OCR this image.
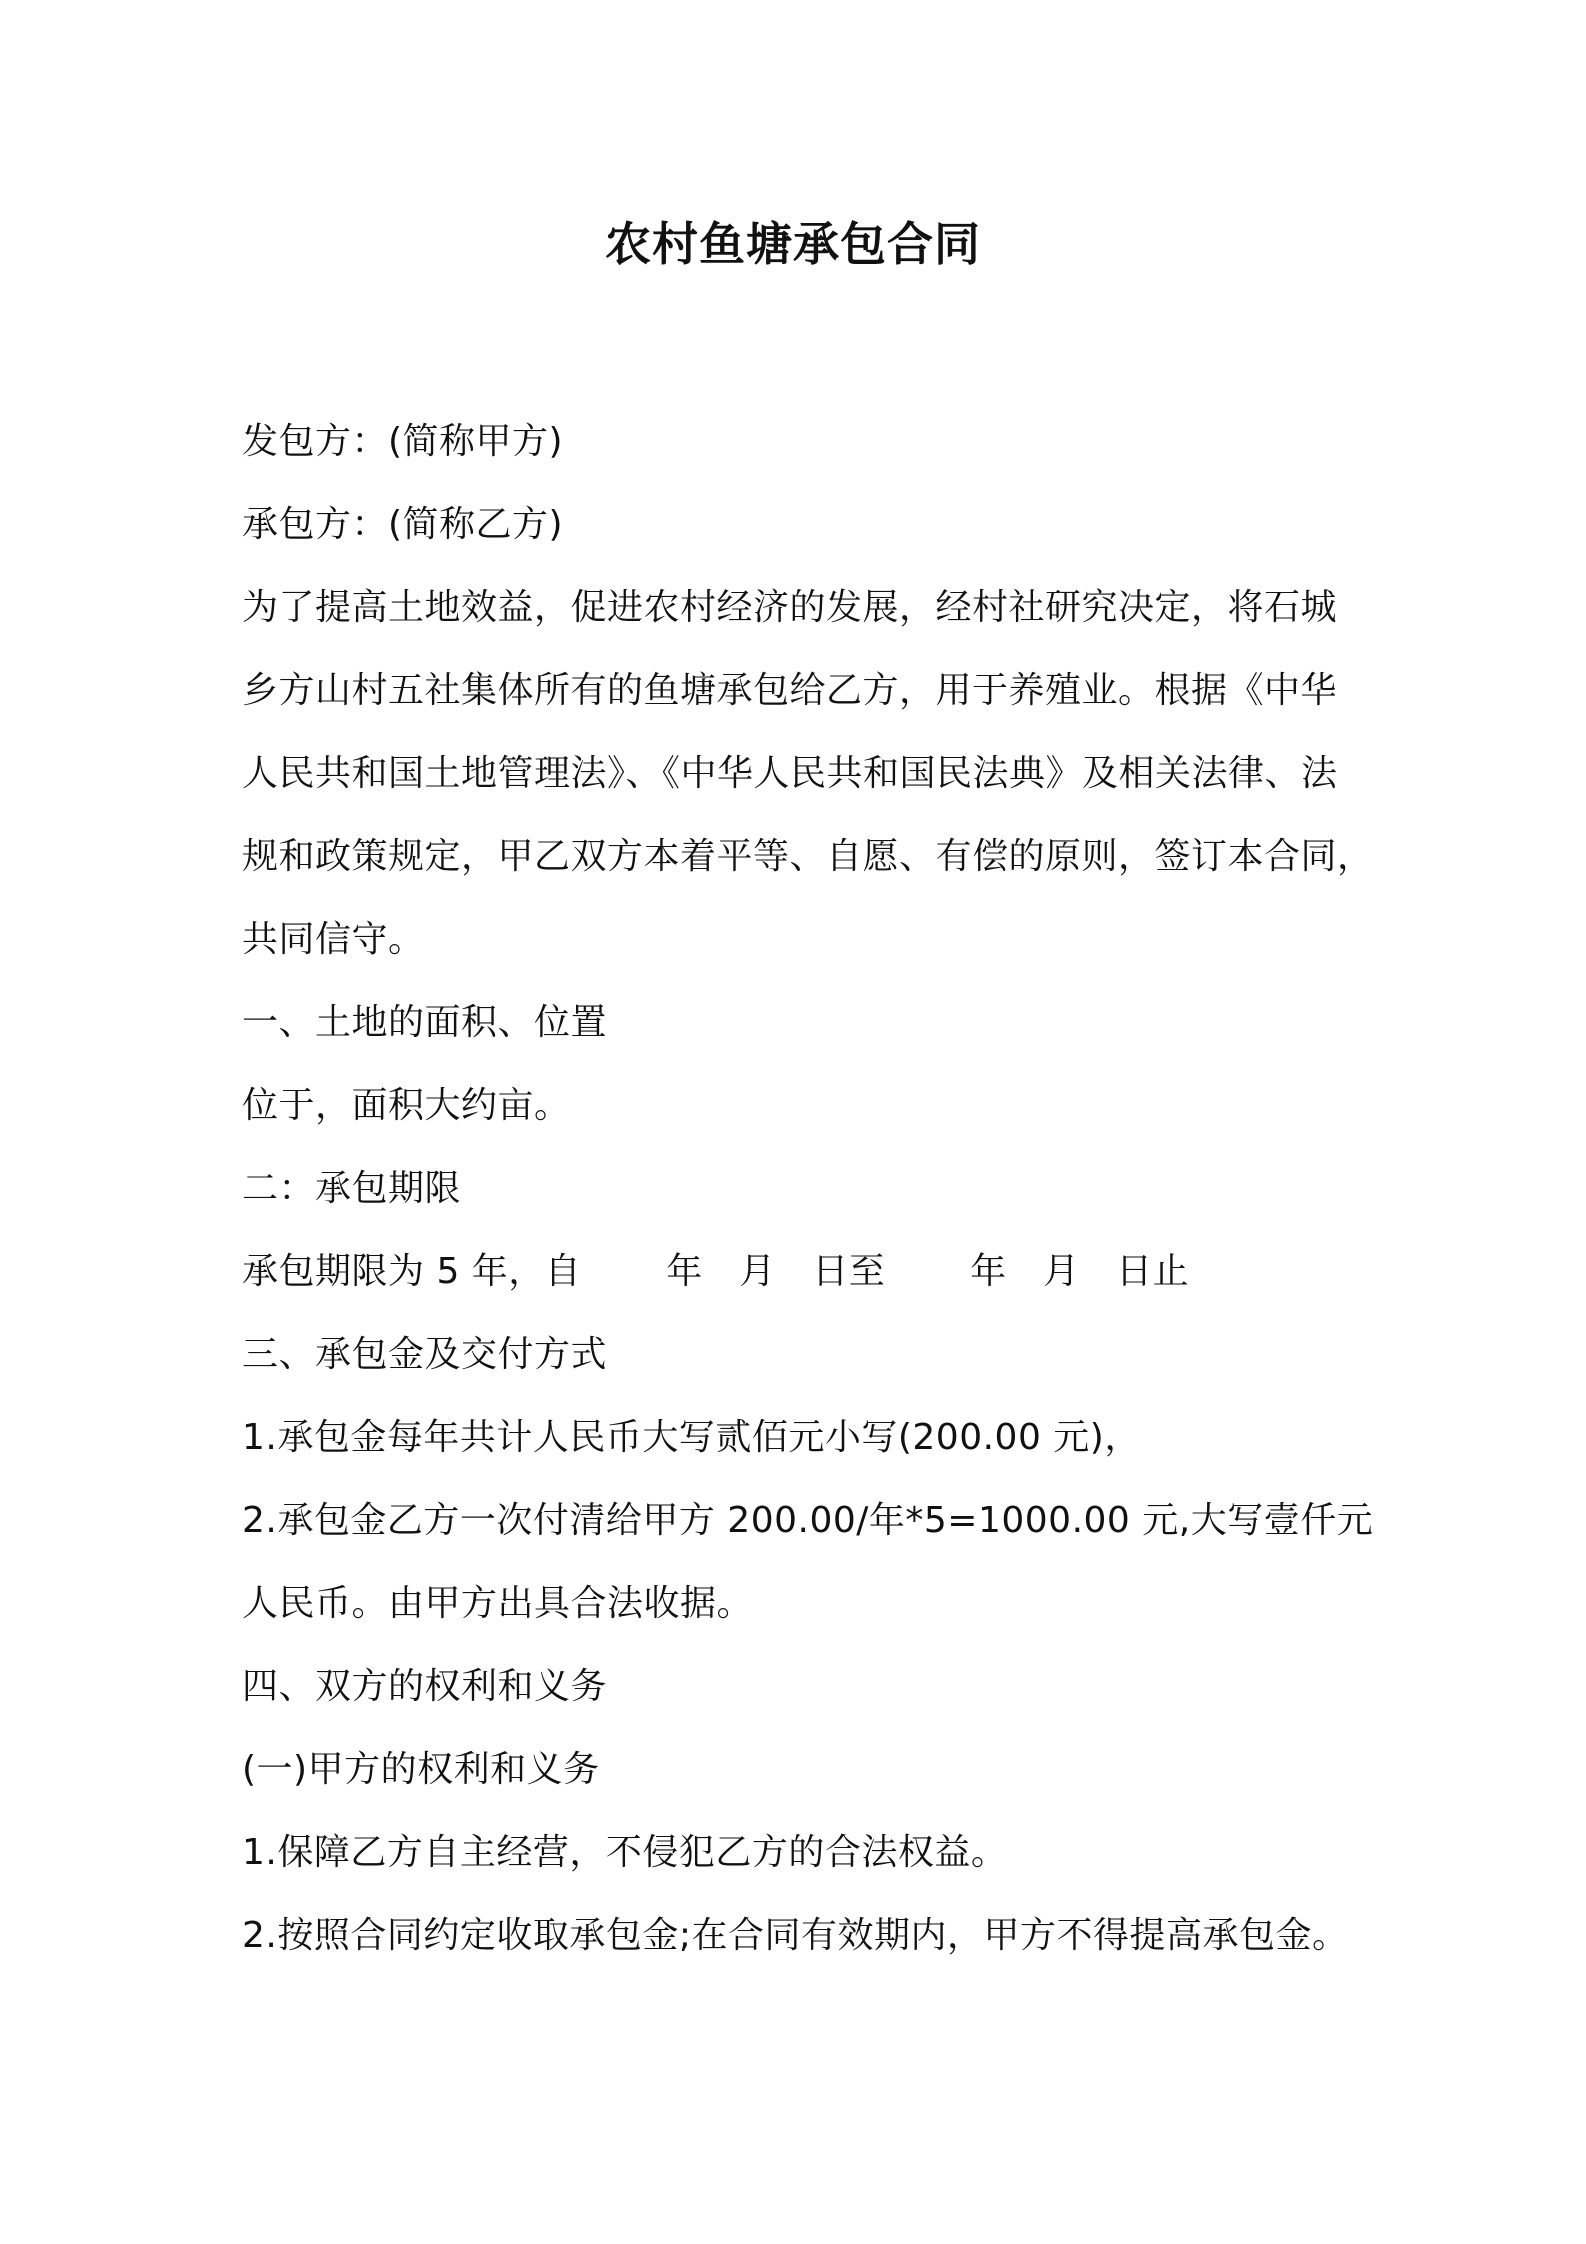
农村鱼塘承包合同
发包方：(简称甲方)
承包方：(简称乙方)
为了提高土地效益，促进农村经济的发展，经村社研究决定，将石城
乡方山村五社集体所有的鱼塘承包给乙方，用于养殖业。根据《中华
人民共和国土地管理法》、《中华人民共和国民法典》及相关法律、法
规和政策规定，甲乙双方本着平等、自愿、有偿的原则，签订本合同，
共同信守。
一、土地的面积、位置
位于，面积大约亩。
二：承包期限
承包期限为 5 年，自　　 年　月　日至　　 年　月　日止
三、承包金及交付方式
1.承包金每年共计人民币大写贰佰元小写(200.00 元)，
2.承包金乙方一次付清给甲方 200.00/年*5=1000.00 元,大写壹仟元
人民币。由甲方出具合法收据。
四、双方的权利和义务
(一)甲方的权利和义务
1.保障乙方自主经营，不侵犯乙方的合法权益。
2.按照合同约定收取承包金;在合同有效期内，甲方不得提高承包金。
